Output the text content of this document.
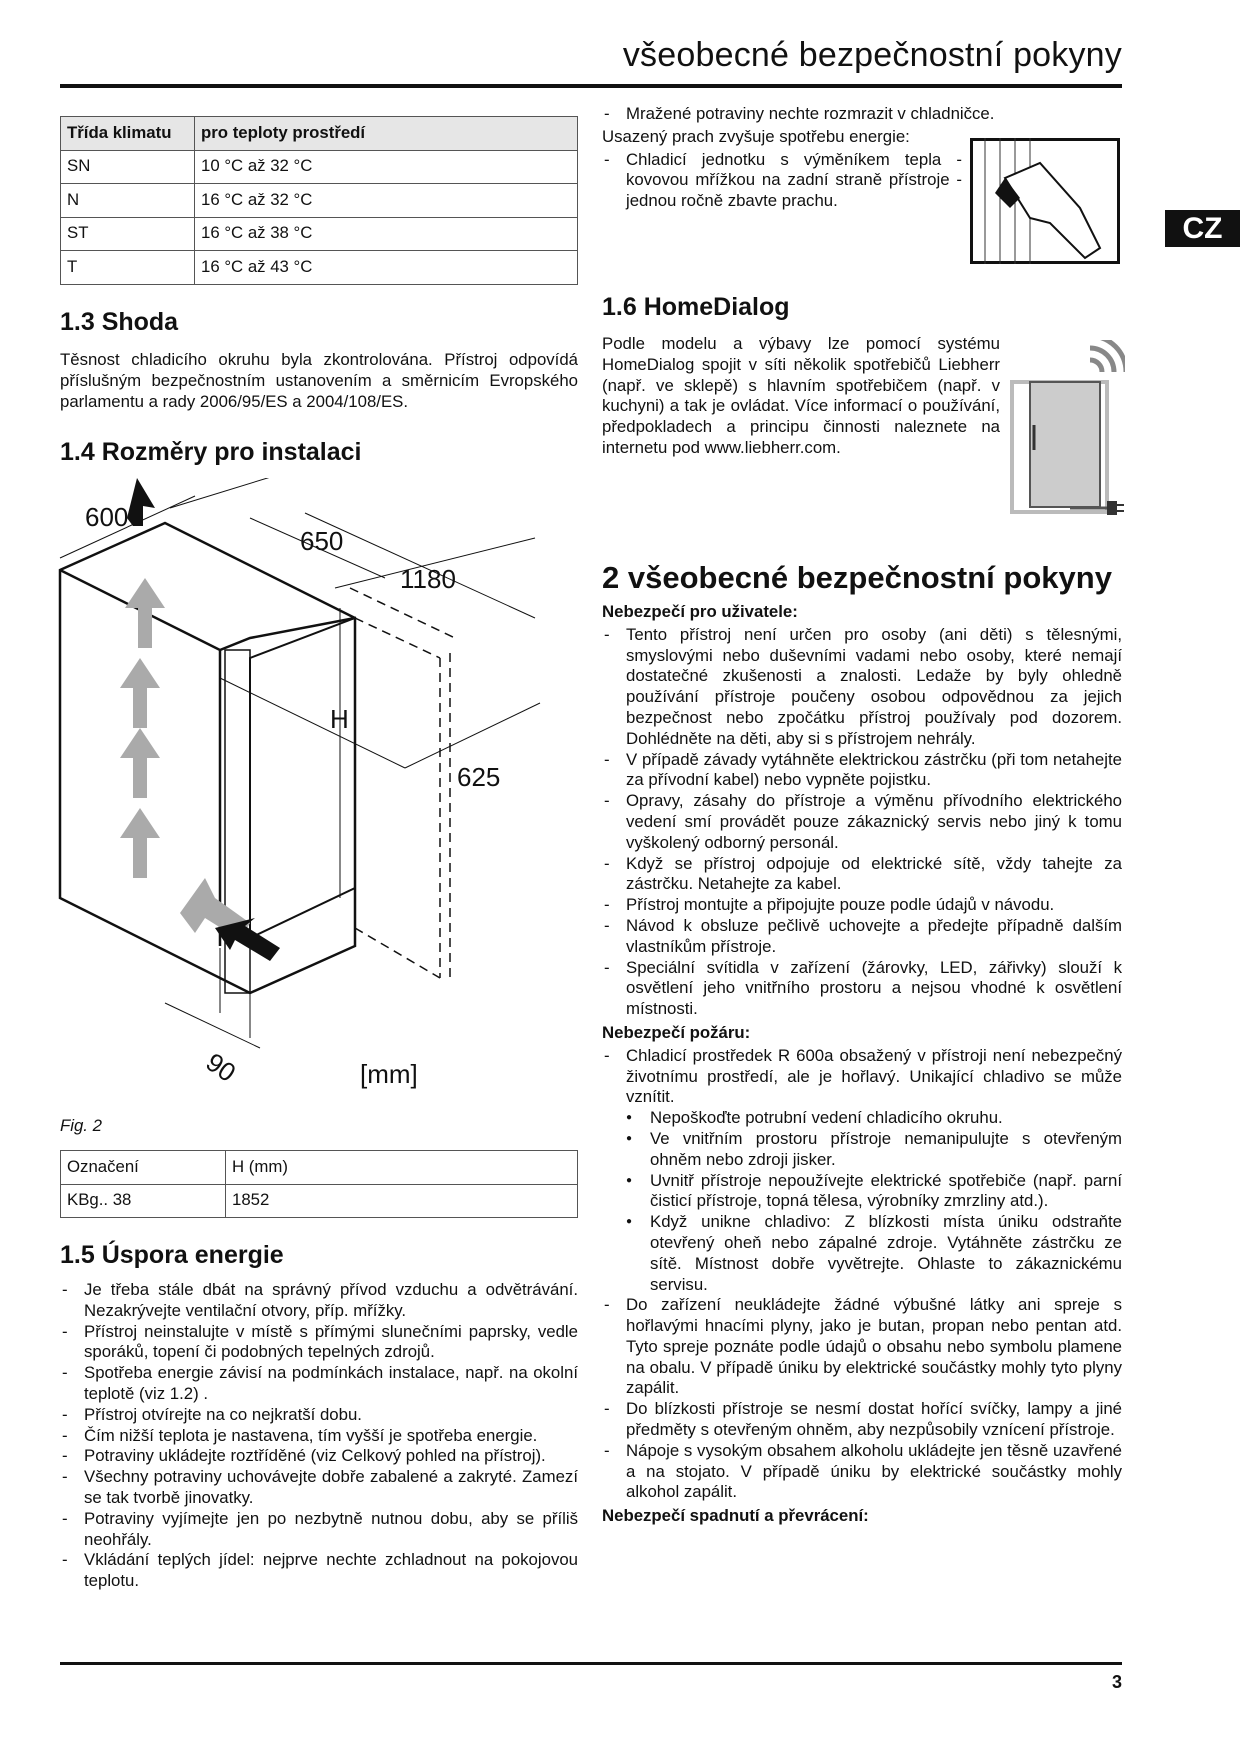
všeobecné bezpečnostní pokyny
CZ
Třída klimatu	pro teploty prostředí
SN	10 °C až 32 °C
N	16 °C až 32 °C
ST	16 °C až 38 °C
T	16 °C až 43 °C
1.3 Shoda

Těsnost chladicího okruhu byla zkontrolována. Přístroj odpovídá příslušným bezpečnostním ustanovením a směrnicím Evropského parlamentu a rady 2006/95/ES a 2004/108/ES.

1.4 Rozměry pro instalaci
600
650
1180
H
625
90	[mm]
Fig. 2
Označení	H (mm)
KBg.. 38	1852
1.5 Úspora energie
- Je třeba stále dbát na správný přívod vzduchu a odvětrávání. Nezakrývejte ventilační otvory, příp. mřížky.
- Přístroj neinstalujte v místě s přímými slunečními paprsky, vedle sporáků, topení či podobných tepelných zdrojů.
- Spotřeba energie závisí na podmínkách instalace, např. na okolní teplotě (viz 1.2) .
- Přístroj otvírejte na co nejkratší dobu.
- Čím nižší teplota je nastavena, tím vyšší je spotřeba energie.
- Potraviny ukládejte roztříděné (viz Celkový pohled na přístroj).
- Všechny potraviny uchovávejte dobře zabalené a zakryté. Zamezí se tak tvorbě jinovatky.
- Potraviny vyjímejte jen po nezbytně nutnou dobu, aby se příliš neohřály.
- Vkládání teplých jídel: nejprve nechte zchladnout na pokojovou teplotu.
- Mražené potraviny nechte rozmrazit v chladničce.

Usazený prach zvyšuje spotřebu energie:

- Chladicí jednotku s výměníkem tepla - kovovou mřížkou na zadní straně přístroje - jednou ročně zbavte prachu.
1.6 HomeDialog

Podle modelu a výbavy lze pomocí systému HomeDialog spojit v síti několik spotřebičů Liebherr (např. ve sklepě) s hlavním spotřebičem (např. v kuchyni) a tak je ovládat. Více informací o používání, předpokladech a principu činnosti naleznete na internetu pod www.liebherr.com.

2 všeobecné bezpečnostní pokyny

Nebezpečí pro uživatele:

- Tento přístroj není určen pro osoby (ani děti) s tělesnými, smyslovými nebo duševními vadami nebo osoby, které nemají dostatečné zkušenosti a znalosti. Ledaže by byly ohledně používání přístroje poučeny osobou odpovědnou za jejich bezpečnost nebo zpočátku přístroj používaly pod dozorem. Dohlédněte na děti, aby si s přístrojem nehrály.
- V případě závady vytáhněte elektrickou zástrčku (při tom netahejte za přívodní kabel) nebo vypněte pojistku.
- Opravy, zásahy do přístroje a výměnu přívodního elektrického vedení smí provádět pouze zákaznický servis nebo jiný k tomu vyškolený odborný personál.
- Když se přístroj odpojuje od elektrické sítě, vždy tahejte za zástrčku. Netahejte za kabel.
- Přístroj montujte a připojujte pouze podle údajů v návodu.
- Návod k obsluze pečlivě uchovejte a předejte případně dalším vlastníkům přístroje.
- Speciální svítidla v zařízení (žárovky, LED, zářivky) slouží k osvětlení jeho vnitřního prostoru a nejsou vhodné k osvětlení místnosti.

Nebezpečí požáru:

- Chladicí prostředek R 600a obsažený v přístroji není nebezpečný životnímu prostředí, ale je hořlavý. Unikající chladivo se může vznítit.
● Nepoškoďte potrubní vedení chladicího okruhu.
● Ve vnitřním prostoru přístroje nemanipulujte s otevřeným ohněm nebo zdroji jisker.
● Uvnitř přístroje nepoužívejte elektrické spotřebiče (např. parní čisticí přístroje, topná tělesa, výrobníky zmrzliny atd.).
● Když unikne chladivo: Z blízkosti místa úniku odstraňte otevřený oheň nebo zápalné zdroje. Vytáhněte zástrčku ze sítě. Místnost dobře vyvětrejte. Ohlaste to zákaznickému servisu.
- Do zařízení neukládejte žádné výbušné látky ani spreje s hořlavými hnacími plyny, jako je butan, propan nebo pentan atd. Tyto spreje poznáte podle údajů o obsahu nebo symbolu plamene na obalu. V případě úniku by elektrické součástky mohly tyto plyny zapálit.
- Do blízkosti přístroje se nesmí dostat hořící svíčky, lampy a jiné předměty s otevřeným ohněm, aby nezpůsobily vznícení přístroje.
- Nápoje s vysokým obsahem alkoholu ukládejte jen těsně uzavřené a na stojato. V případě úniku by elektrické součástky mohly alkohol zapálit.

Nebezpečí spadnutí a převrácení:

3
